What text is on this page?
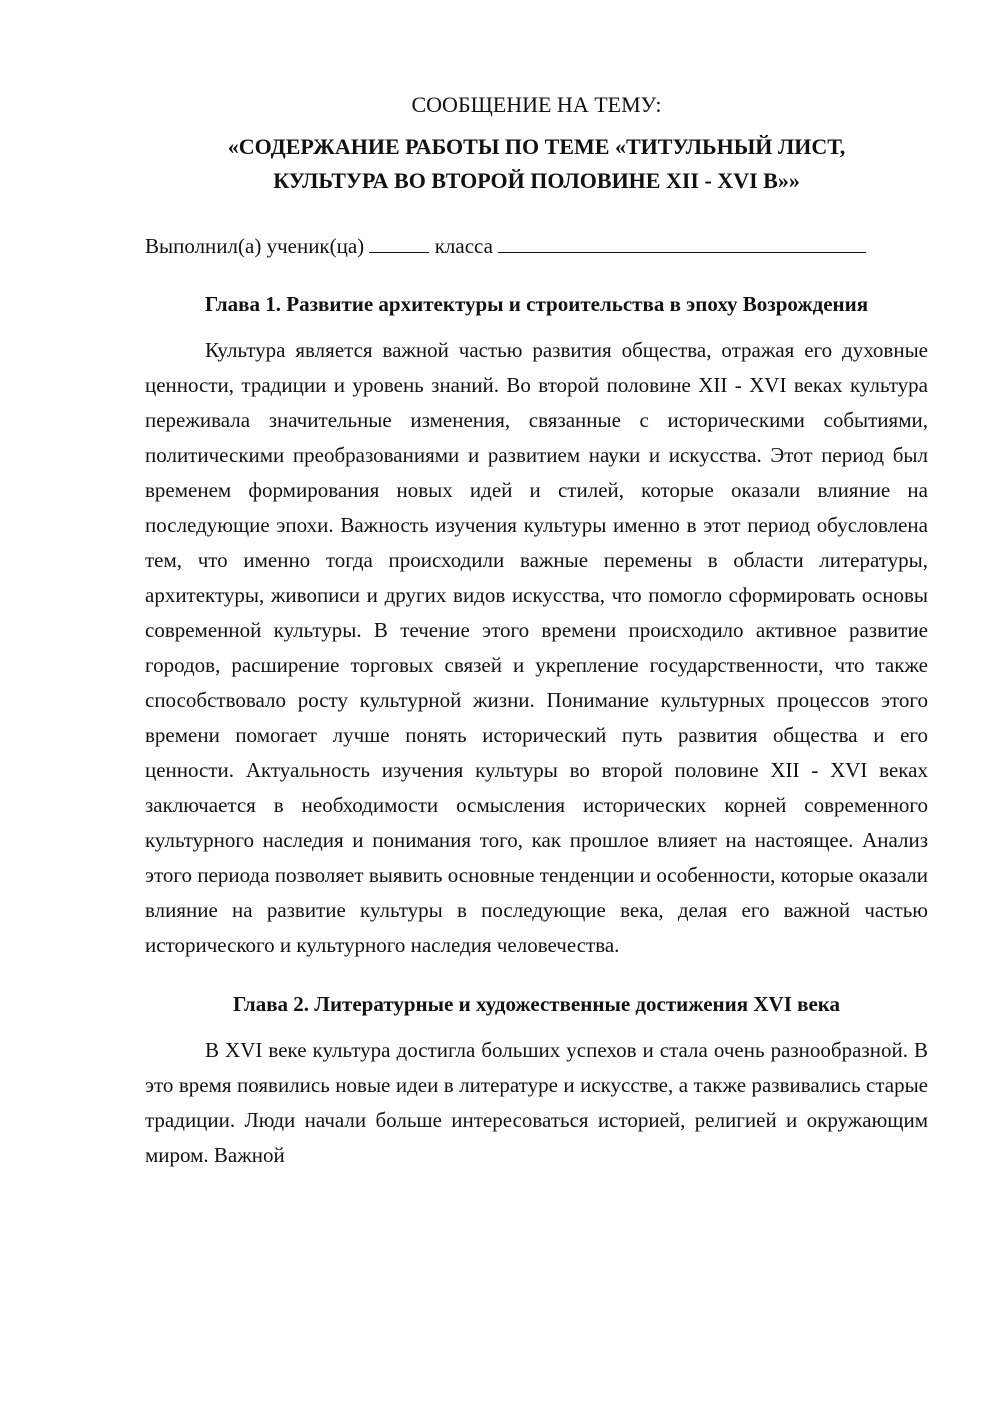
СООБЩЕНИЕ НА ТЕМУ:

«СОДЕРЖАНИЕ РАБОТЫ ПО ТЕМЕ «ТИТУЛЬНЫЙ ЛИСТ,
КУЛЬТУРА ВО ВТОРОЙ ПОЛОВИНЕ XII - XVI В»»

Выполнил(а) ученик(ца)	класса

Глава 1. Развитие архитектуры и строительства в эпоху Возрождения

Культура является важной частью развития общества, отражая его духовные ценности, традиции и уровень знаний. Во второй половине XII - XVI веках культура переживала значительные изменения, связанные с историческими событиями, политическими преобразованиями и развитием науки и искусства. Этот период был временем формирования новых идей и стилей, которые оказали влияние на последующие эпохи. Важность изучения культуры именно в этот период обусловлена тем, что именно тогда происходили важные перемены в области литературы, архитектуры, живописи и других видов искусства, что помогло сформировать основы современной культуры. В течение этого времени происходило активное развитие городов, расширение торговых связей и укрепление государственности, что также способствовало росту культурной жизни. Понимание культурных процессов этого времени помогает лучше понять исторический путь развития общества и его ценности. Актуальность изучения культуры во второй половине XII - XVI веках заключается в необходимости осмысления исторических корней современного культурного наследия и понимания того, как прошлое влияет на настоящее. Анализ этого периода позволяет выявить основные тенденции и особенности, которые оказали влияние на развитие культуры в последующие века, делая его важной частью исторического и культурного наследия человечества.

Глава 2. Литературные и художественные достижения XVI века

В XVI веке культура достигла больших успехов и стала очень разнообразной. В это время появились новые идеи в литературе и искусстве, а также развивались старые традиции. Люди начали больше интересоваться историей, религией и окружающим миром. Важной
